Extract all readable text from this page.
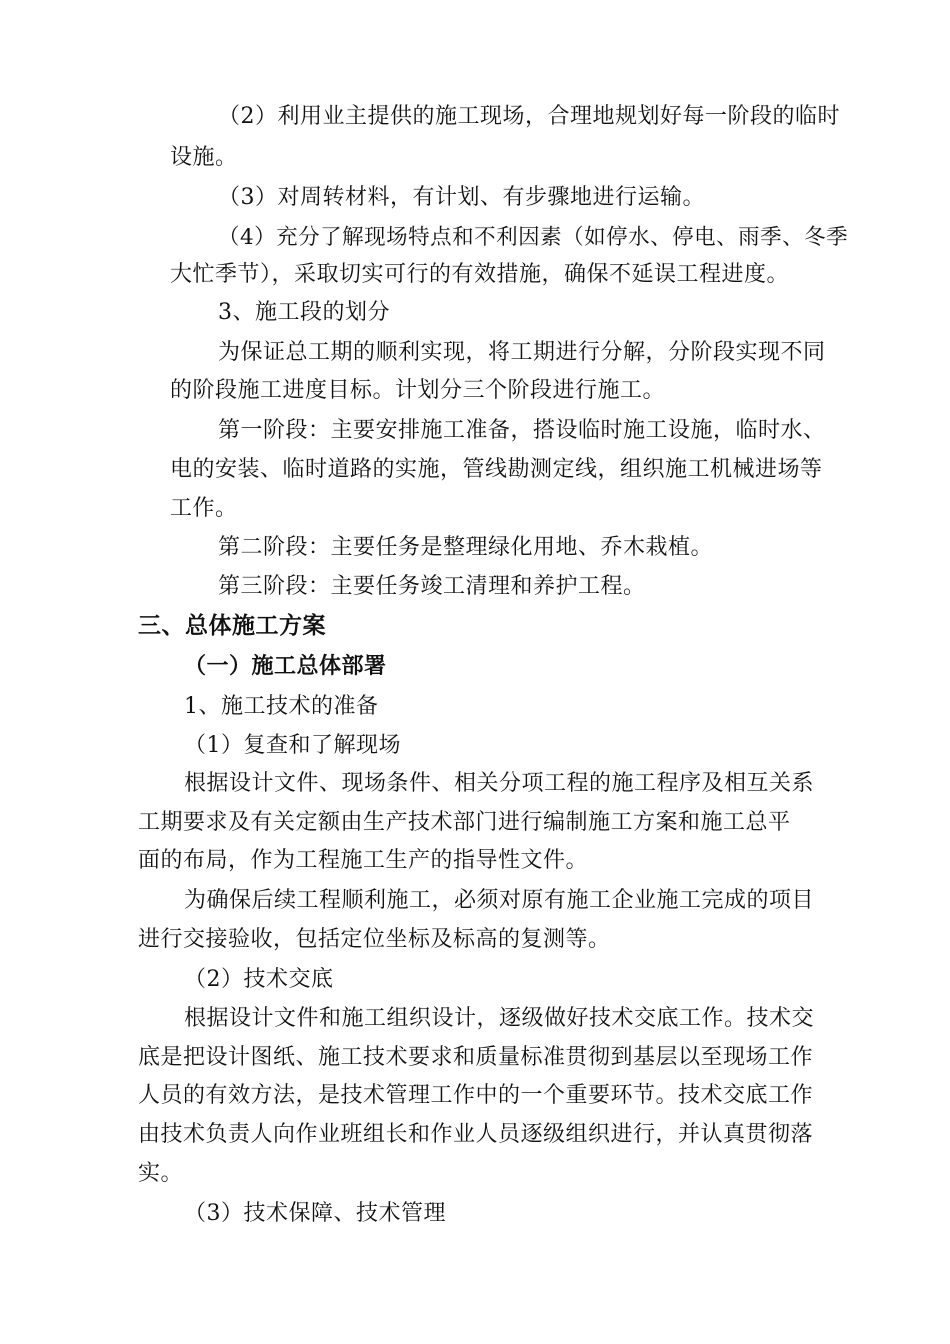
（2）利用业主提供的施工现场，合理地规划好每一阶段的临时
设施。
（3）对周转材料，有计划、有步骤地进行运输。
（4）充分了解现场特点和不利因素（如停水、停电、雨季、冬季
大忙季节），采取切实可行的有效措施，确保不延误工程进度。
3、施工段的划分
为保证总工期的顺利实现，将工期进行分解，分阶段实现不同
的阶段施工进度目标。计划分三个阶段进行施工。
第一阶段：主要安排施工准备，搭设临时施工设施，临时水、
电的安装、临时道路的实施，管线勘测定线，组织施工机械进场等
工作。
第二阶段：主要任务是整理绿化用地、乔木栽植。
第三阶段：主要任务竣工清理和养护工程。
三、总体施工方案
（一）施工总体部署
1、施工技术的准备
（1）复查和了解现场
根据设计文件、现场条件、相关分项工程的施工程序及相互关系
工期要求及有关定额由生产技术部门进行编制施工方案和施工总平
面的布局，作为工程施工生产的指导性文件。
为确保后续工程顺利施工，必须对原有施工企业施工完成的项目
进行交接验收，包括定位坐标及标高的复测等。
（2）技术交底
根据设计文件和施工组织设计，逐级做好技术交底工作。技术交
底是把设计图纸、施工技术要求和质量标准贯彻到基层以至现场工作
人员的有效方法，是技术管理工作中的一个重要环节。技术交底工作
由技术负责人向作业班组长和作业人员逐级组织进行，并认真贯彻落
实。
（3）技术保障、技术管理
